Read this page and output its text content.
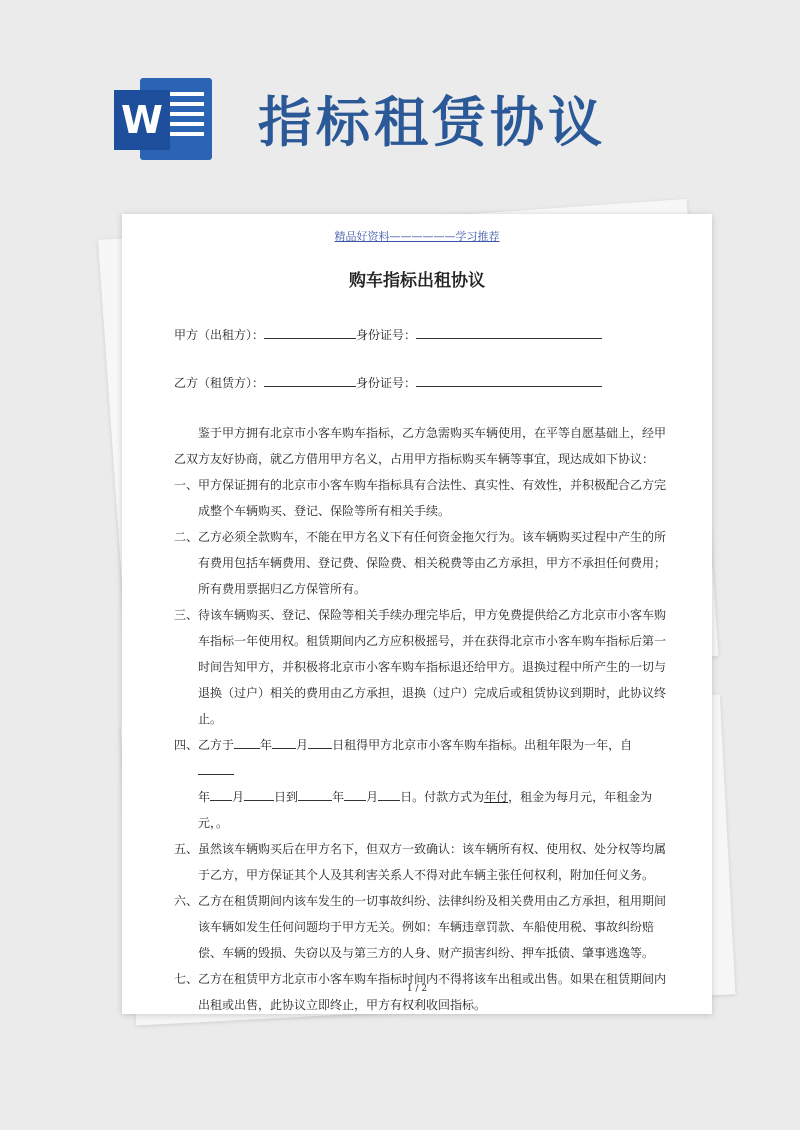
W 指标租赁协议
精品好资料——————学习推荐
购车指标出租协议
甲方（出租方）：	身份证号：
乙方（租赁方）：	身份证号：

鉴于甲方拥有北京市小客车购车指标，乙方急需购买车辆使用，在平等自愿基础上，经甲乙双方友好协商，就乙方借用甲方名义，占用甲方指标购买车辆等事宜，现达成如下协议：一、甲方保证拥有的北京市小客车购车指标具有合法性、真实性、有效性，并积极配合乙方完

成整个车辆购买、登记、保险等所有相关手续。

二、 乙方必须全款购车，不能在甲方名义下有任何资金拖欠行为。该车辆购买过程中产生的所有费用包括车辆费用、登记费、保险费、相关税费等由乙方承担，甲方不承担任何费用；所有费用票据归乙方保管所有。
三、 待该车辆购买、登记、保险等相关手续办理完毕后，甲方免费提供给乙方北京市小客车购车指标一年使用权。租赁期间内乙方应积极摇号，并在获得北京市小客车购车指标后第一时间告知甲方，并积极将北京市小客车购车指标退还给甲方。退换过程中所产生的一切与退换（过户）相关的费用由乙方承担，退换（过户）完成后或租赁协议到期时，此协议终止。
四、 乙方于 年 月 日租得甲方北京市小客车购车指标。出租年限为一年，自
年 月	日到	年 月 日。付款方式为年付，租金为每月元，年租金为元，。
五、 虽然该车辆购买后在甲方名下，但双方一致确认：该车辆所有权、使用权、处分权等均属于乙方，甲方保证其个人及其利害关系人不得对此车辆主张任何权利，附加任何义务。
六、 乙方在租赁期间内该车发生的一切事故纠纷、法律纠纷及相关费用由乙方承担，租用期间该车辆如发生任何问题均于甲方无关。例如：车辆违章罚款、车船使用税、事故纠纷赔偿、车辆的毁损、失窃以及与第三方的人身、财产损害纠纷、押车抵债、肇事逃逸等。
七、 乙方在租赁甲方北京市小客车购车指标时间内不得将该车出租或出售。如果在租赁期间内出租或出售，此协议立即终止，甲方有权利收回指标。
1 / 2
